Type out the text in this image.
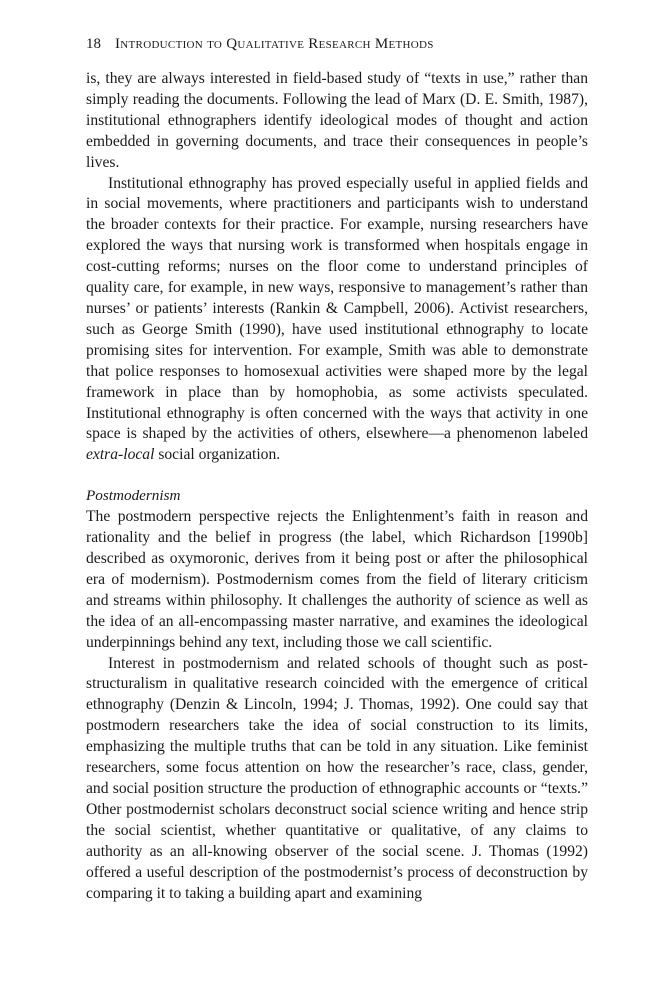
18 Introduction to Qualitative Research Methods

is, they are always interested in field-based study of “texts in use,” rather than simply reading the documents. Following the lead of Marx (D. E. Smith, 1987), institutional ethnographers identify ideological modes of thought and action embedded in governing documents, and trace their consequences in people’s lives.

Institutional ethnography has proved especially useful in applied fields and in social movements, where practitioners and participants wish to understand the broader contexts for their practice. For example, nursing researchers have explored the ways that nursing work is transformed when hospitals engage in cost-cutting reforms; nurses on the floor come to understand principles of quality care, for example, in new ways, responsive to management’s rather than nurses’ or patients’ interests (Rankin & Campbell, 2006). Activist researchers, such as George Smith (1990), have used institutional ethnography to locate promising sites for intervention. For example, Smith was able to demonstrate that police responses to homosexual activities were shaped more by the legal framework in place than by homophobia, as some activists speculated. Institutional ethnography is often concerned with the ways that activity in one space is shaped by the activities of others, elsewhere—a phenomenon labeled extra-local social organization.

Postmodernism

The postmodern perspective rejects the Enlightenment’s faith in reason and rationality and the belief in progress (the label, which Richardson [1990b] described as oxymoronic, derives from it being post or after the philosophical era of modernism). Postmodernism comes from the field of literary criticism and streams within philosophy. It challenges the authority of science as well as the idea of an all-encompassing master narrative, and examines the ideological underpinnings behind any text, including those we call scientific.

Interest in postmodernism and related schools of thought such as post-structuralism in qualitative research coincided with the emergence of critical ethnography (Denzin & Lincoln, 1994; J. Thomas, 1992). One could say that postmodern researchers take the idea of social construction to its limits, emphasizing the multiple truths that can be told in any situation. Like feminist researchers, some focus attention on how the researcher’s race, class, gender, and social position structure the production of ethnographic accounts or “texts.” Other postmodernist scholars deconstruct social science writing and hence strip the social scientist, whether quantitative or qualitative, of any claims to authority as an all-knowing observer of the social scene. J. Thomas (1992) offered a useful description of the postmodernist’s process of deconstruction by comparing it to taking a building apart and examining
